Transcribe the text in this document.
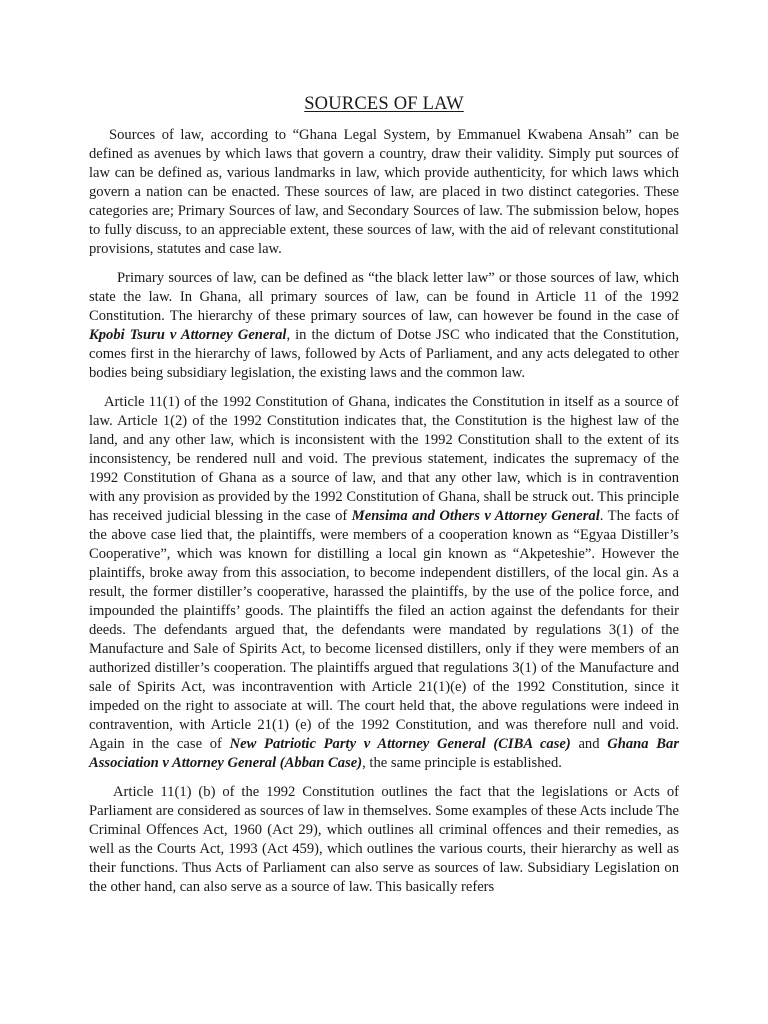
SOURCES OF LAW

Sources of law, according to “Ghana Legal System, by Emmanuel Kwabena Ansah” can be defined as avenues by which laws that govern a country, draw their validity. Simply put sources of law can be defined as, various landmarks in law, which provide authenticity, for which laws which govern a nation can be enacted. These sources of law, are placed in two distinct categories. These categories are; Primary Sources of law, and Secondary Sources of law. The submission below, hopes to fully discuss, to an appreciable extent, these sources of law, with the aid of relevant constitutional provisions, statutes and case law.

Primary sources of law, can be defined as “the black letter law” or those sources of law, which state the law. In Ghana, all primary sources of law, can be found in Article 11 of the 1992 Constitution. The hierarchy of these primary sources of law, can however be found in the case of Kpobi Tsuru v Attorney General, in the dictum of Dotse JSC who indicated that the Constitution, comes first in the hierarchy of laws, followed by Acts of Parliament, and any acts delegated to other bodies being subsidiary legislation, the existing laws and the common law.

Article 11(1) of the 1992 Constitution of Ghana, indicates the Constitution in itself as a source of law. Article 1(2) of the 1992 Constitution indicates that, the Constitution is the highest law of the land, and any other law, which is inconsistent with the 1992 Constitution shall to the extent of its inconsistency, be rendered null and void. The previous statement, indicates the supremacy of the 1992 Constitution of Ghana as a source of law, and that any other law, which is in contravention with any provision as provided by the 1992 Constitution of Ghana, shall be struck out. This principle has received judicial blessing in the case of Mensima and Others v Attorney General. The facts of the above case lied that, the plaintiffs, were members of a cooperation known as “Egyaa Distiller’s Cooperative”, which was known for distilling a local gin known as “Akpeteshie”. However the plaintiffs, broke away from this association, to become independent distillers, of the local gin. As a result, the former distiller’s cooperative, harassed the plaintiffs, by the use of the police force, and impounded the plaintiffs’ goods. The plaintiffs the filed an action against the defendants for their deeds. The defendants argued that, the defendants were mandated by regulations 3(1) of the Manufacture and Sale of Spirits Act, to become licensed distillers, only if they were members of an authorized distiller’s cooperation. The plaintiffs argued that regulations 3(1) of the Manufacture and sale of Spirits Act, was incontravention with Article 21(1)(e) of the 1992 Constitution, since it impeded on the right to associate at will. The court held that, the above regulations were indeed in contravention, with Article 21(1) (e) of the 1992 Constitution, and was therefore null and void. Again in the case of New Patriotic Party v Attorney General (CIBA case) and Ghana Bar Association v Attorney General (Abban Case), the same principle is established.

Article 11(1) (b) of the 1992 Constitution outlines the fact that the legislations or Acts of Parliament are considered as sources of law in themselves. Some examples of these Acts include The Criminal Offences Act, 1960 (Act 29), which outlines all criminal offences and their remedies, as well as the Courts Act, 1993 (Act 459), which outlines the various courts, their hierarchy as well as their functions. Thus Acts of Parliament can also serve as sources of law. Subsidiary Legislation on the other hand, can also serve as a source of law. This basically refers
